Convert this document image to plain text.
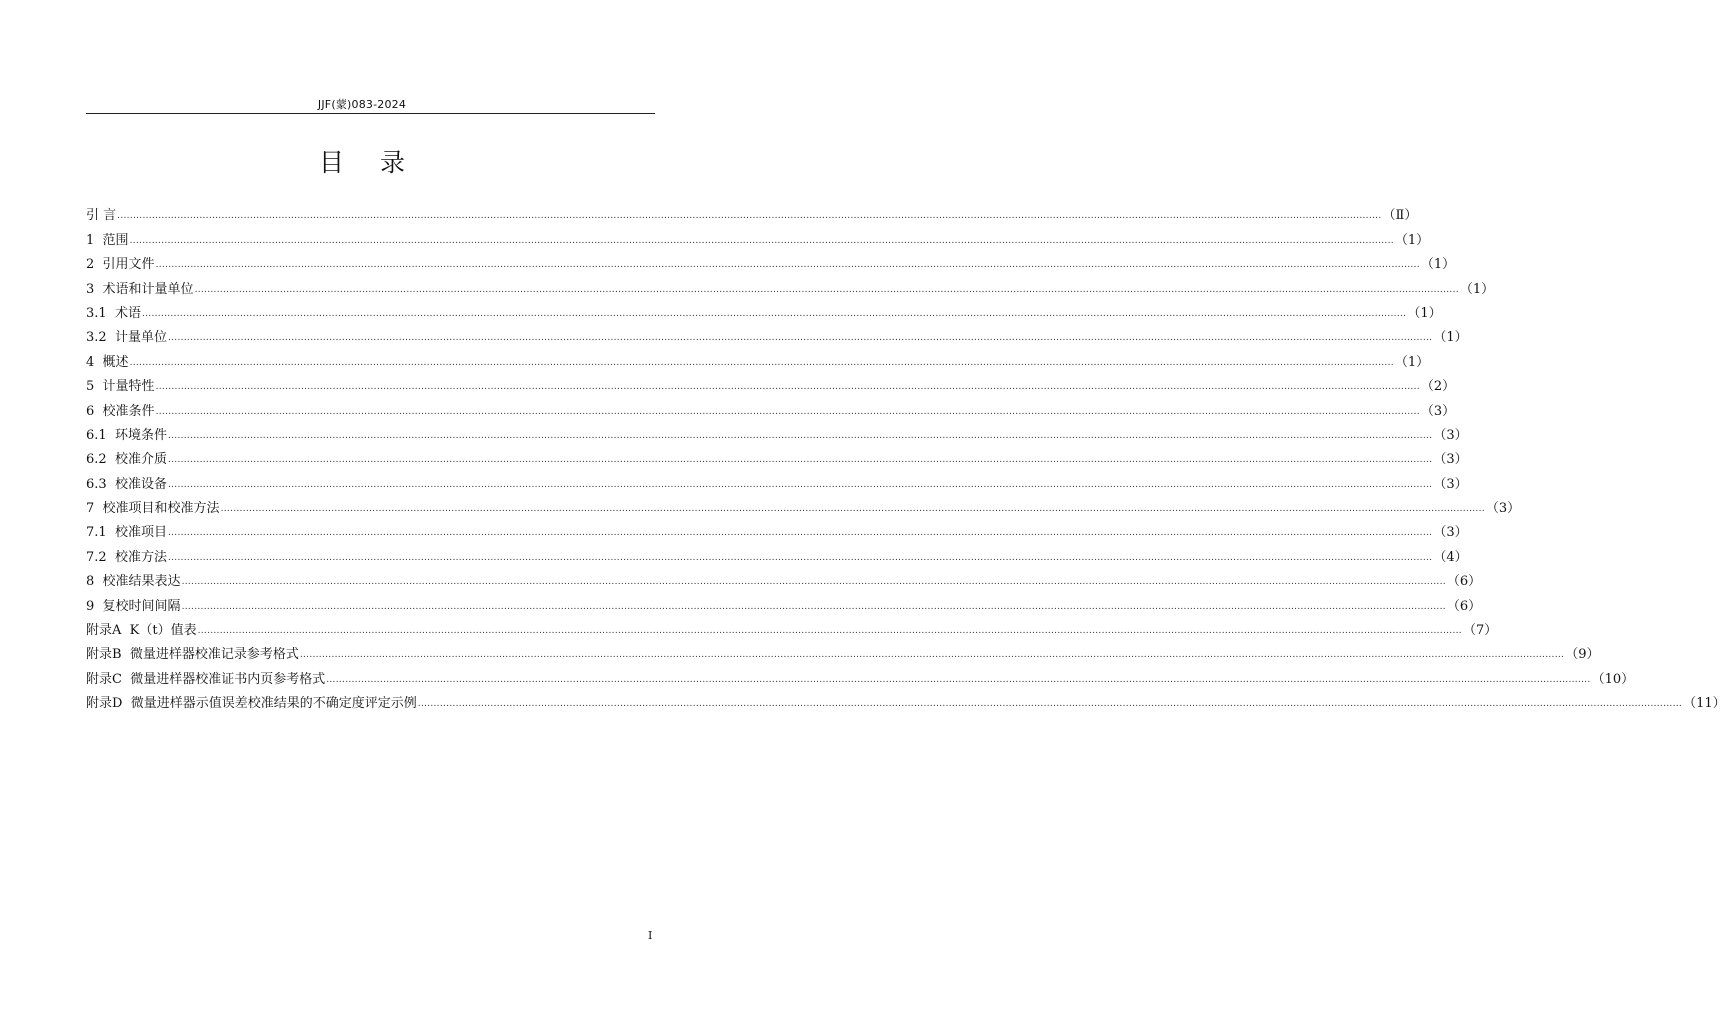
JJF(蒙)083-2024
目 录
引 言 ................................................................................................................................................................................................................................................................................................................................................................................................................ （Ⅱ）
1 范围 ................................................................................................................................................................................................................................................................................................................................................................................................................ （1）
2 引用文件 ................................................................................................................................................................................................................................................................................................................................................................................................................ （1）
3 术语和计量单位 ................................................................................................................................................................................................................................................................................................................................................................................................................ （1）
3.1 术语 ................................................................................................................................................................................................................................................................................................................................................................................................................ （1）
3.2 计量单位 ................................................................................................................................................................................................................................................................................................................................................................................................................ （1）
4 概述 ................................................................................................................................................................................................................................................................................................................................................................................................................ （1）
5 计量特性 ................................................................................................................................................................................................................................................................................................................................................................................................................ （2）
6 校准条件 ................................................................................................................................................................................................................................................................................................................................................................................................................ （3）
6.1 环境条件 ................................................................................................................................................................................................................................................................................................................................................................................................................ （3）
6.2 校准介质 ................................................................................................................................................................................................................................................................................................................................................................................................................ （3）
6.3 校准设备 ................................................................................................................................................................................................................................................................................................................................................................................................................ （3）
7 校准项目和校准方法 ................................................................................................................................................................................................................................................................................................................................................................................................................ （3）
7.1 校准项目 ................................................................................................................................................................................................................................................................................................................................................................................................................ （3）
7.2 校准方法 ................................................................................................................................................................................................................................................................................................................................................................................................................ （4）
8 校准结果表达 ................................................................................................................................................................................................................................................................................................................................................................................................................ （6）
9 复校时间间隔 ................................................................................................................................................................................................................................................................................................................................................................................................................ （6）
附录A K（t）值表 ................................................................................................................................................................................................................................................................................................................................................................................................................ （7）
附录B 微量进样器校准记录参考格式 ................................................................................................................................................................................................................................................................................................................................................................................................................ （9）
附录C 微量进样器校准证书内页参考格式 ................................................................................................................................................................................................................................................................................................................................................................................................................ （10）
附录D 微量进样器示值误差校准结果的不确定度评定示例 ................................................................................................................................................................................................................................................................................................................................................................................................................ （11）
I
